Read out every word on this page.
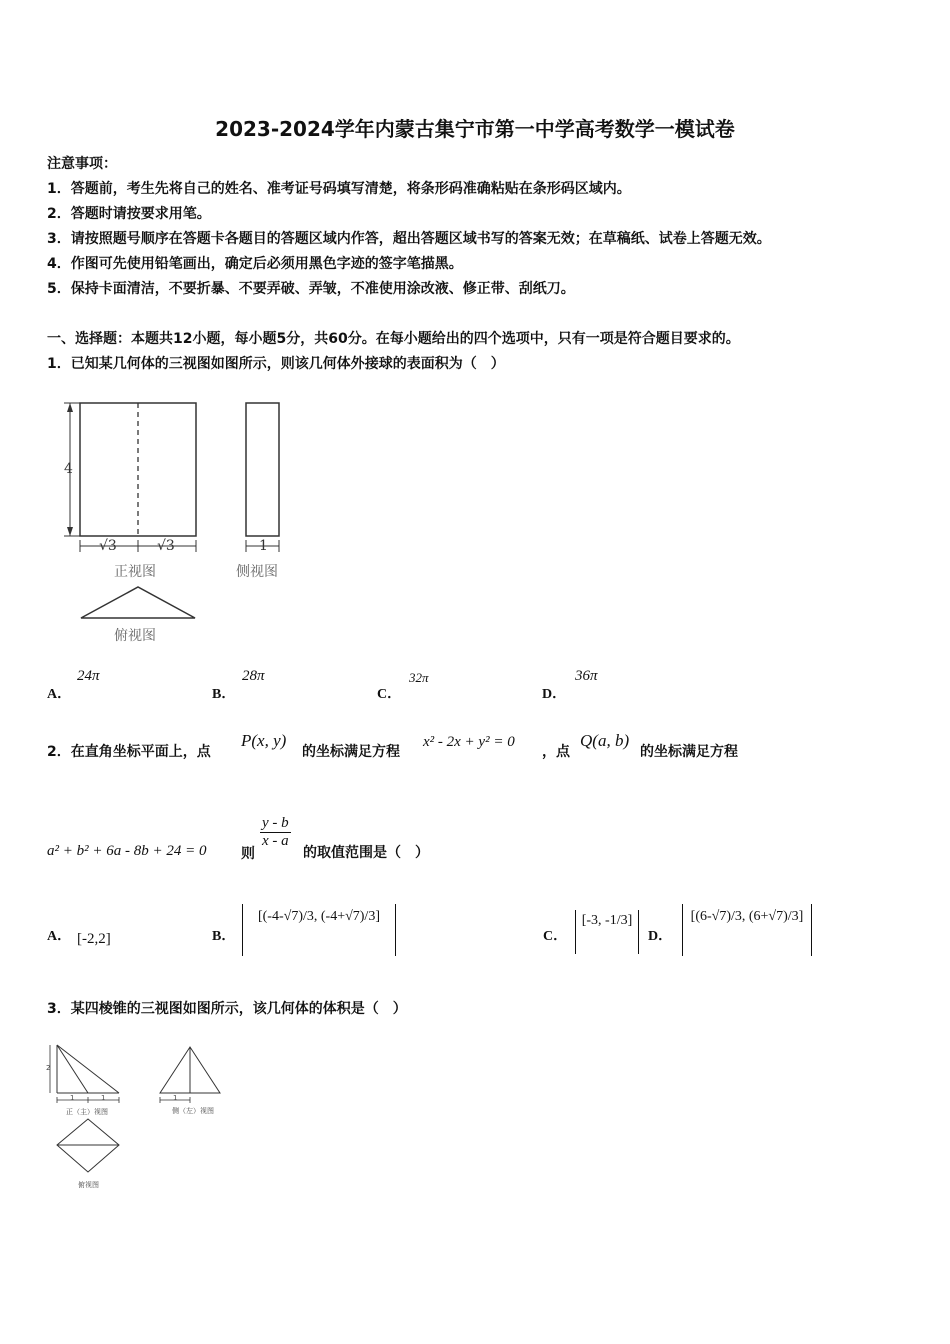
2023-2024学年内蒙古集宁市第一中学高考数学一模试卷
注意事项：
1．答题前，考生先将自己的姓名、准考证号码填写清楚，将条形码准确粘贴在条形码区域内。
2．答题时请按要求用笔。
3．请按照题号顺序在答题卡各题目的答题区域内作答，超出答题区域书写的答案无效；在草稿纸、试卷上答题无效。
4．作图可先使用铅笔画出，确定后必须用黑色字迹的签字笔描黑。
5．保持卡面清洁，不要折暴、不要弄破、弄皱，不准使用涂改液、修正带、刮纸刀。
一、选择题：本题共12小题，每小题5分，共60分。在每小题给出的四个选项中，只有一项是符合题目要求的。
1．已知某几何体的三视图如图所示，则该几何体外接球的表面积为（　）
4
√3	√3	1
正视图	侧视图
俯视图
A．
24π
B．
28π
C．
32π
D．
36π
2．在直角坐标平面上，点
P(x, y)
的坐标满足方程
x² - 2x + y² = 0
，点
Q(a, b)
的坐标满足方程
a² + b² + 6a - 8b + 24 = 0 则
$\frac{y - b}{x - a}$
的取值范围是（　）
A． [-2,2]	B．
[(-4-√7)/3, (-4+√7)/3]
C．
[-3, -1/3]
D．
[(6-√7)/3, (6+√7)/3]
3．某四棱锥的三视图如图所示，该几何体的体积是（　）
2
1	1	1
正（主）视图	侧（左）视图
俯视图
